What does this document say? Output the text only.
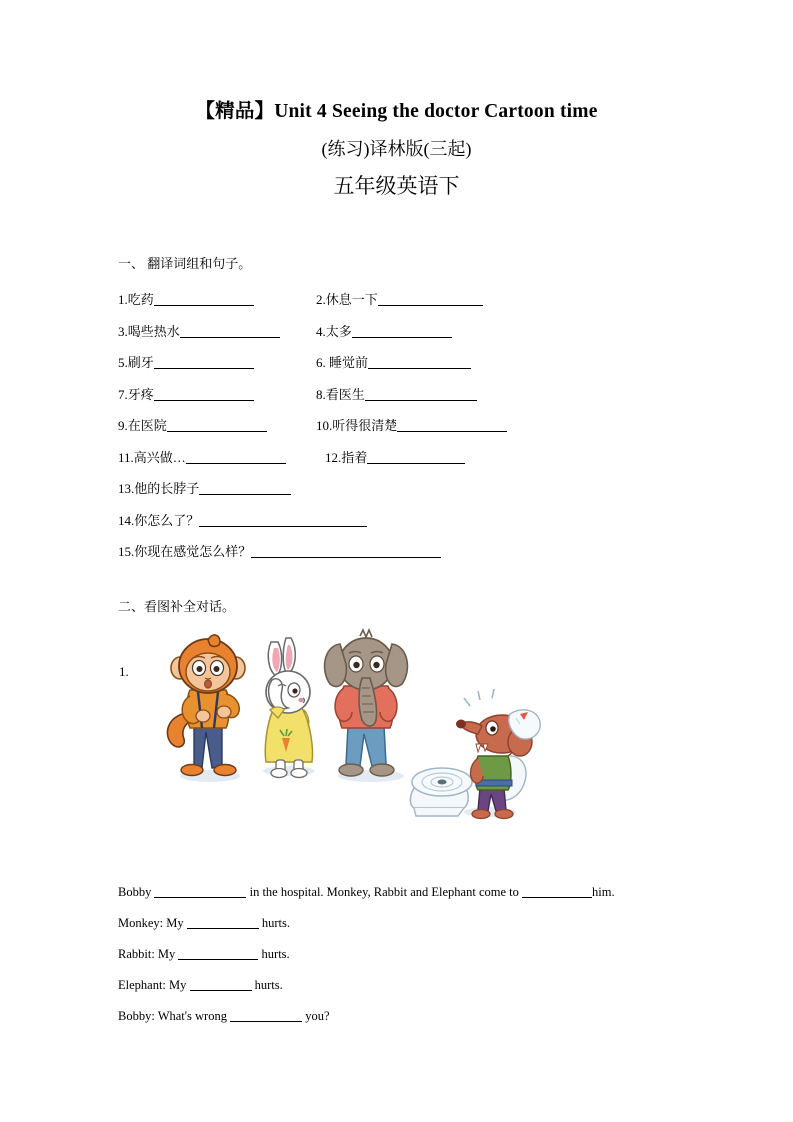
【精品】Unit 4 Seeing the doctor Cartoon time
(练习)译林版(三起)
五年级英语下
一、 翻译词组和句子。
1.吃药	2.休息一下
3.喝些热水	4.太多
5.刷牙	6. 睡觉前
7.牙疼	8.看医生
9.在医院	10.听得很清楚
11.高兴做…	12.指着
13.他的长脖子
14.你怎么了？
15.你现在感觉怎么样？
二、看图补全对话。
1.
Bobby	in the hospital. Monkey, Rabbit and Elephant come to	him.
Monkey: My	hurts.
Rabbit: My	hurts.
Elephant: My	hurts.
Bobby: What's wrong	you?
